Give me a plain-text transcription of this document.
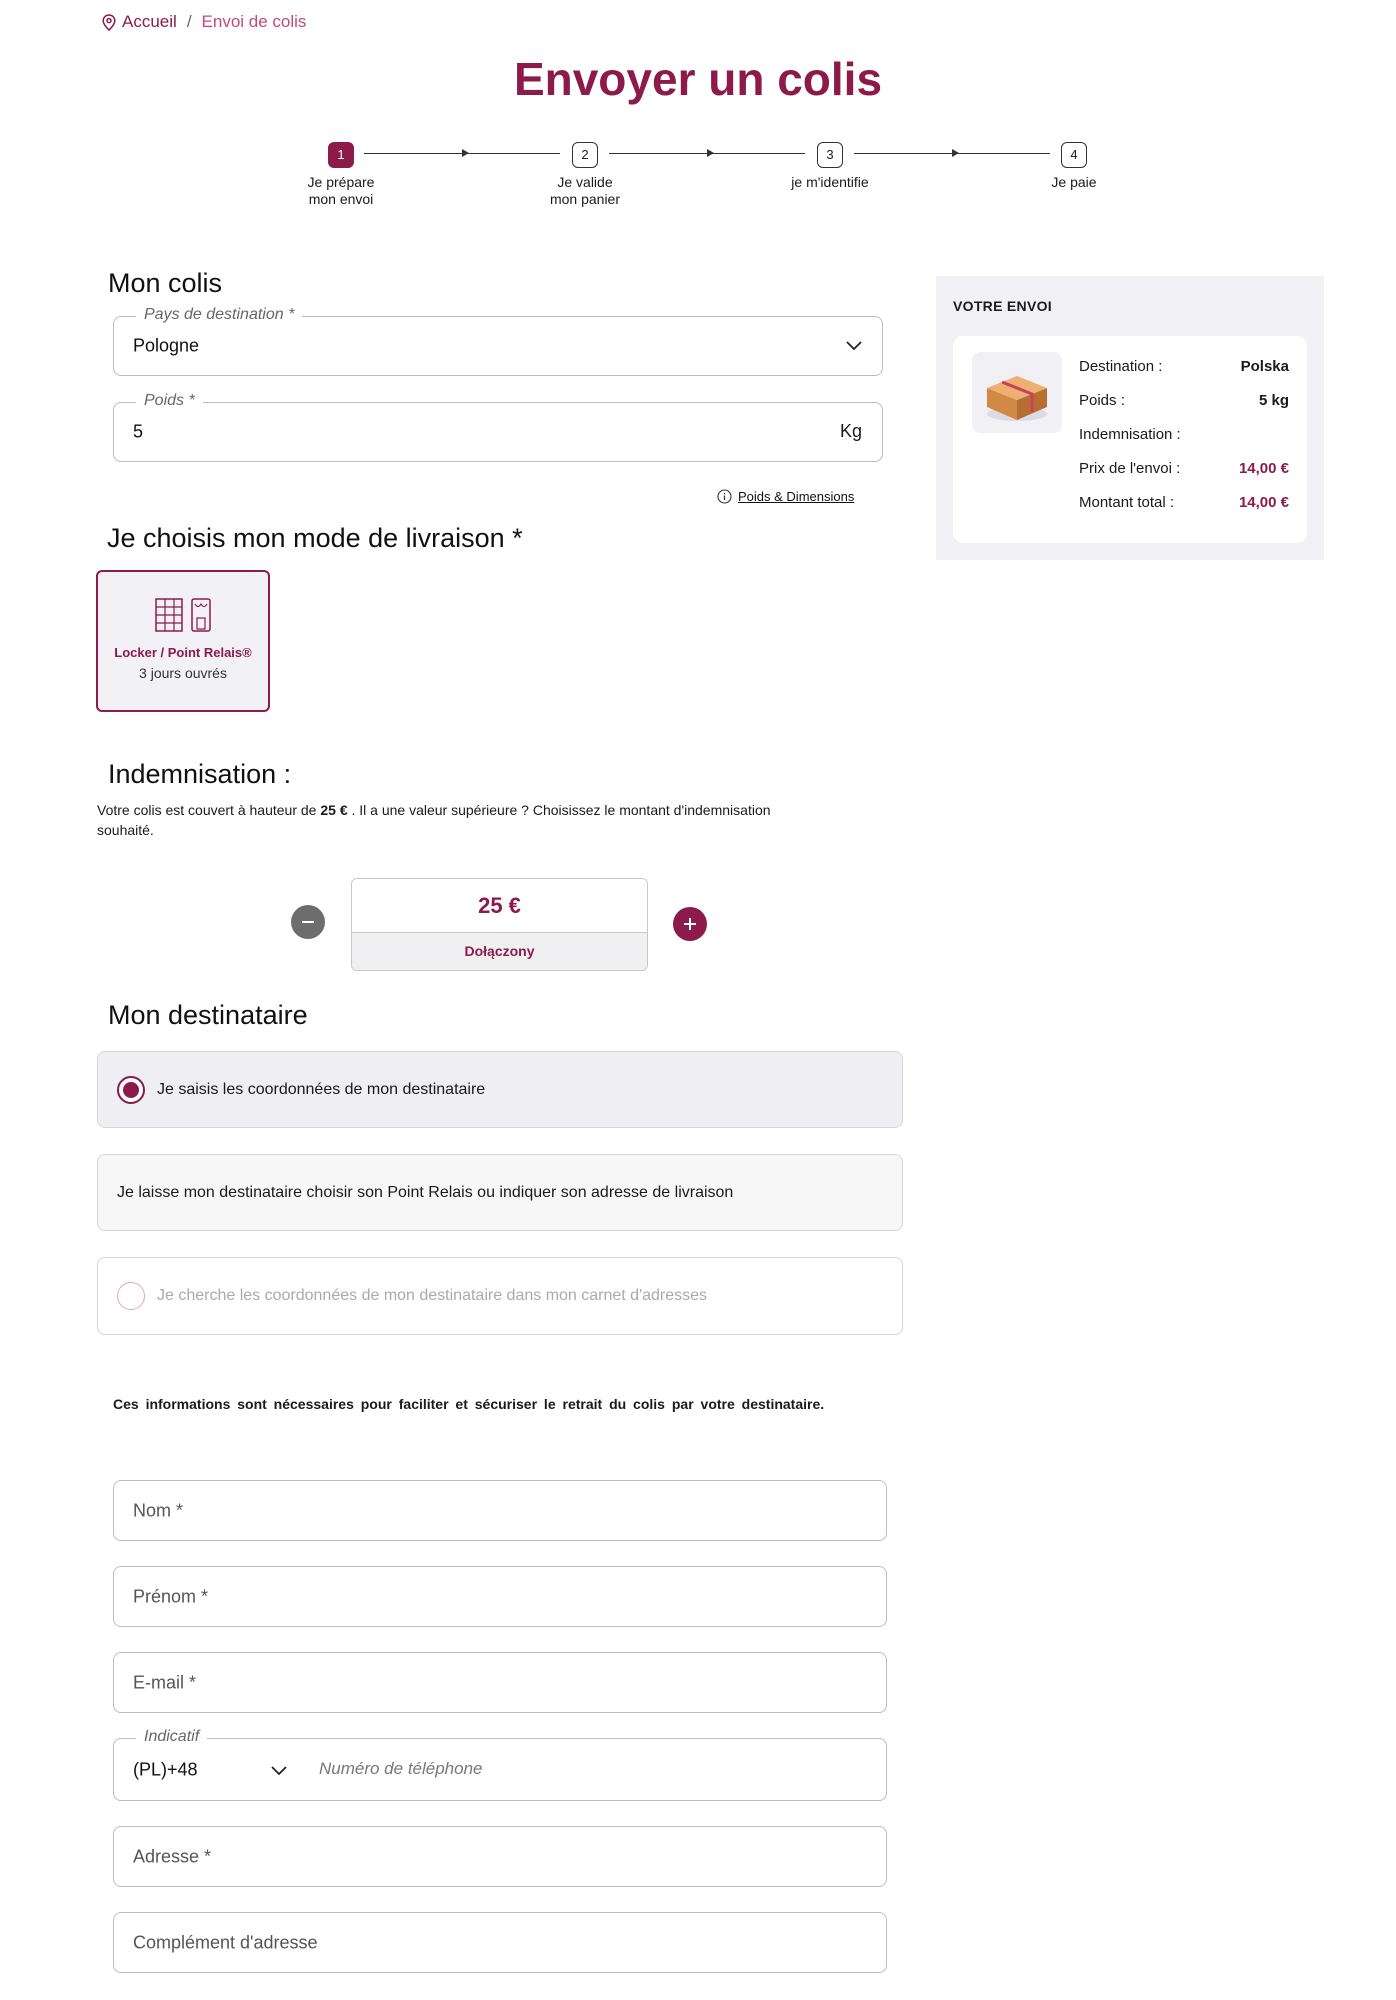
Accueil / Envoi de colis
Envoyer un colis
1
Je prépare
mon envoi
2
Je valide
mon panier
3
je m'identifie
4
Je paie
Mon colis
Pays de destination *
Pologne
Poids *
5	Kg
Poids & Dimensions
Je choisis mon mode de livraison *
Locker / Point Relais®
3 jours ouvrés
Indemnisation :

Votre colis est couvert à hauteur de 25 € . Il a une valeur supérieure ? Choisissez le montant d'indemnisation souhaité.

25 €
Dołączony
Mon destinataire
Je saisis les coordonnées de mon destinataire
Je laisse mon destinataire choisir son Point Relais ou indiquer son adresse de livraison
Je cherche les coordonnées de mon destinataire dans mon carnet d'adresses

Ces informations sont nécessaires pour faciliter et sécuriser le retrait du colis par votre destinataire.

Nom *
Prénom *
E-mail *
Indicatif
(PL)+48	Numéro de téléphone
Adresse *
Complément d'adresse
VOTRE ENVOI
Destination :	Polska
Poids :	5 kg
Indemnisation :
Prix de l'envoi :	14,00 €
Montant total :	14,00 €
